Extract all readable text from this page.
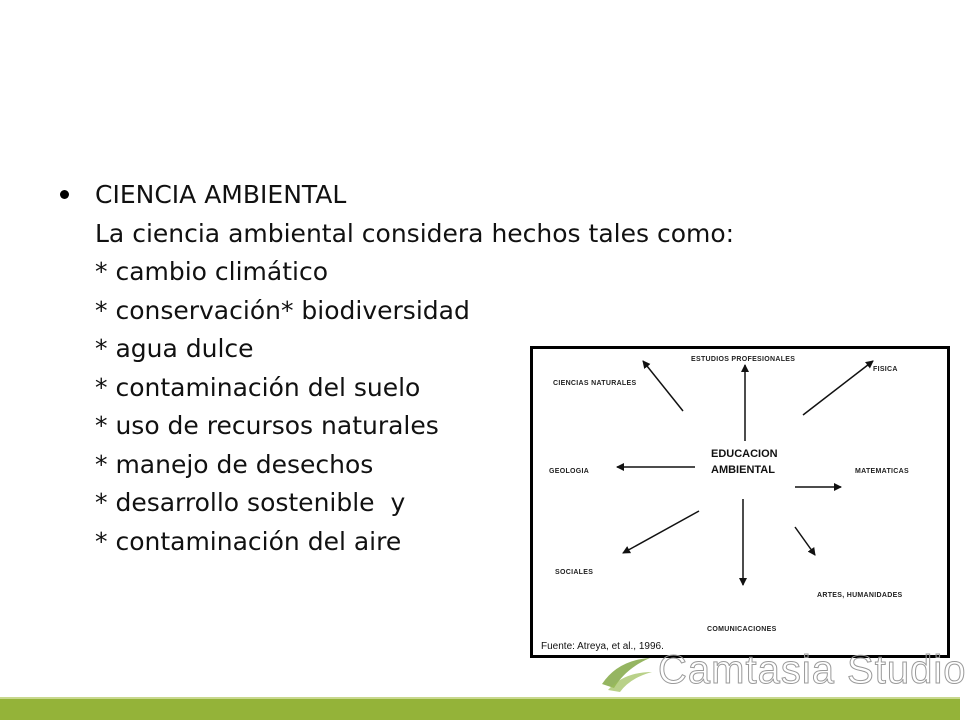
CIENCIA AMBIENTAL
La ciencia ambiental considera hechos tales como:
* cambio climático
* conservación* biodiversidad
* agua dulce
* contaminación del suelo
* uso de recursos naturales
* manejo de desechos
* desarrollo sostenible  y
* contaminación del aire
EDUCACION
AMBIENTAL
ESTUDIOS PROFESIONALES
FISICA
CIENCIAS NATURALES
GEOLOGIA	MATEMATICAS
SOCIALES
ARTES, HUMANIDADES
COMUNICACIONES
Fuente: Atreya, et al., 1996.
Camtasia Studio
